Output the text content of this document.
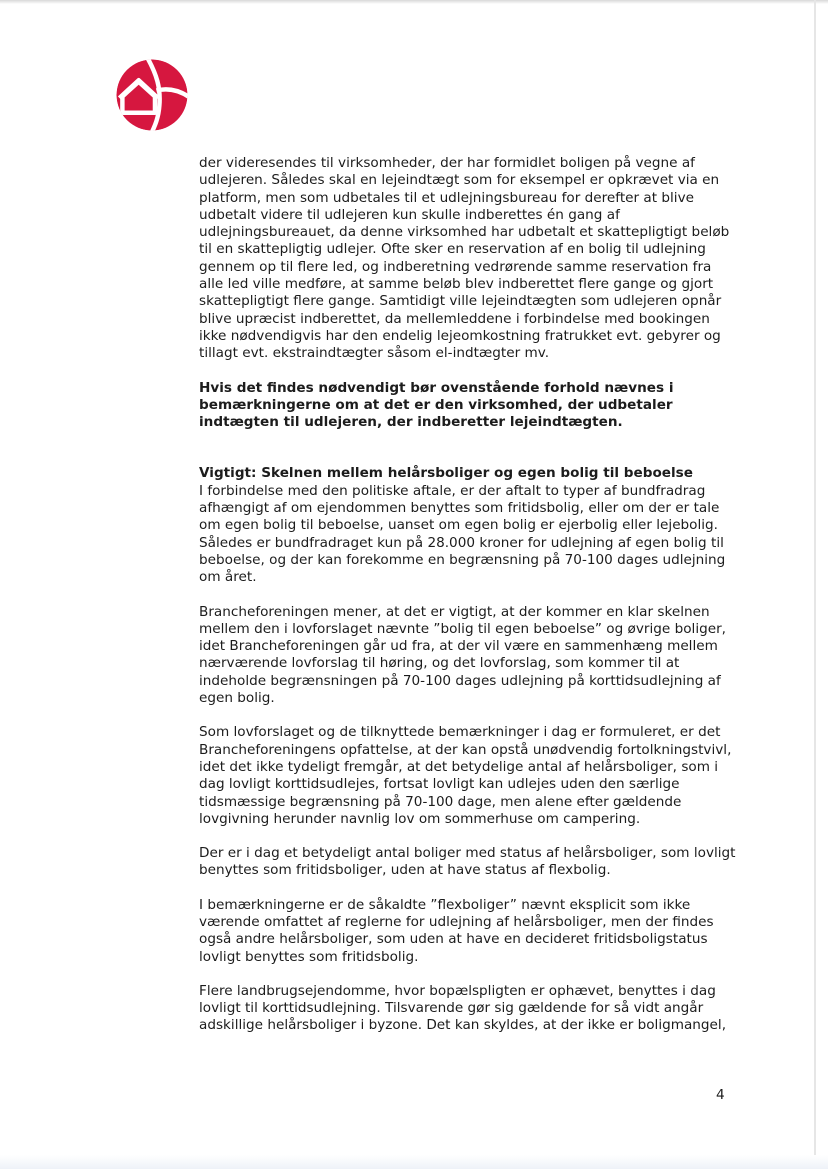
der videresendes til virksomheder, der har formidlet boligen på vegne af udlejeren. Således skal en lejeindtægt som for eksempel er opkrævet via en platform, men som udbetales til et udlejningsbureau for derefter at blive udbetalt videre til udlejeren kun skulle indberettes én gang af udlejningsbureauet, da denne virksomhed har udbetalt et skattepligtigt beløb til en skattepligtig udlejer. Ofte sker en reservation af en bolig til udlejning gennem op til flere led, og indberetning vedrørende samme reservation fra alle led ville medføre, at samme beløb blev indberettet flere gange og gjort skattepligtigt flere gange. Samtidigt ville lejeindtægten som udlejeren opnår blive upræcist indberettet, da mellemleddene i forbindelse med bookingen ikke nødvendigvis har den endelig lejeomkostning fratrukket evt. gebyrer og tillagt evt. ekstraindtægter såsom el-indtægter mv.

Hvis det findes nødvendigt bør ovenstående forhold nævnes i bemærkningerne om at det er den virksomhed, der udbetaler indtægten til udlejeren, der indberetter lejeindtægten.

Vigtigt: Skelnen mellem helårsboliger og egen bolig til beboelse

I forbindelse med den politiske aftale, er der aftalt to typer af bundfradrag afhængigt af om ejendommen benyttes som fritidsbolig, eller om der er tale om egen bolig til beboelse, uanset om egen bolig er ejerbolig eller lejebolig. Således er bundfradraget kun på 28.000 kroner for udlejning af egen bolig til beboelse, og der kan forekomme en begrænsning på 70-100 dages udlejning om året.

Brancheforeningen mener, at det er vigtigt, at der kommer en klar skelnen mellem den i lovforslaget nævnte ”bolig til egen beboelse” og øvrige boliger, idet Brancheforeningen går ud fra, at der vil være en sammenhæng mellem nærværende lovforslag til høring, og det lovforslag, som kommer til at indeholde begrænsningen på 70-100 dages udlejning på korttidsudlejning af egen bolig.

Som lovforslaget og de tilknyttede bemærkninger i dag er formuleret, er det Brancheforeningens opfattelse, at der kan opstå unødvendig fortolkningstvivl, idet det ikke tydeligt fremgår, at det betydelige antal af helårsboliger, som i dag lovligt korttidsudlejes, fortsat lovligt kan udlejes uden den særlige tidsmæssige begrænsning på 70-100 dage, men alene efter gældende lovgivning herunder navnlig lov om sommerhuse om campering.

Der er i dag et betydeligt antal boliger med status af helårsboliger, som lovligt benyttes som fritidsboliger, uden at have status af flexbolig.

I bemærkningerne er de såkaldte ”flexboliger” nævnt eksplicit som ikke værende omfattet af reglerne for udlejning af helårsboliger, men der findes også andre helårsboliger, som uden at have en decideret fritidsboligstatus lovligt benyttes som fritidsbolig.

Flere landbrugsejendomme, hvor bopælspligten er ophævet, benyttes i dag lovligt til korttidsudlejning. Tilsvarende gør sig gældende for så vidt angår adskillige helårsboliger i byzone. Det kan skyldes, at der ikke er boligmangel,

4
